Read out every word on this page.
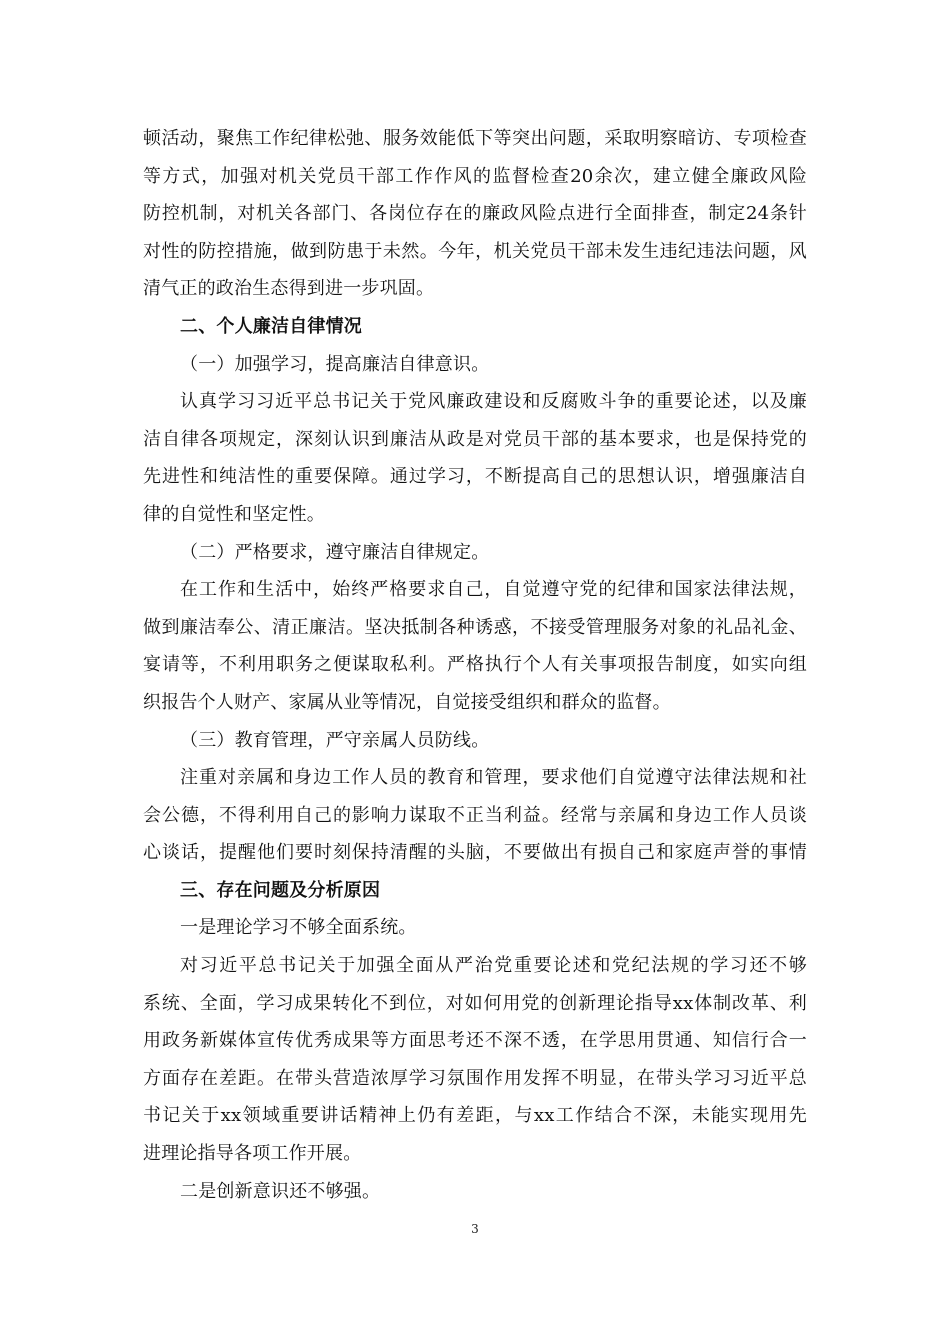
顿活动，聚焦工作纪律松弛、服务效能低下等突出问题，采取明察暗访、专项检查
等方式，加强对机关党员干部工作作风的监督检查20余次，建立健全廉政风险
防控机制，对机关各部门、各岗位存在的廉政风险点进行全面排查，制定24条针
对性的防控措施，做到防患于未然。今年，机关党员干部未发生违纪违法问题，风
清气正的政治生态得到进一步巩固。
二、个人廉洁自律情况
（一）加强学习，提高廉洁自律意识。
认真学习习近平总书记关于党风廉政建设和反腐败斗争的重要论述，以及廉
洁自律各项规定，深刻认识到廉洁从政是对党员干部的基本要求，也是保持党的
先进性和纯洁性的重要保障。通过学习，不断提高自己的思想认识，增强廉洁自
律的自觉性和坚定性。
（二）严格要求，遵守廉洁自律规定。
在工作和生活中，始终严格要求自己，自觉遵守党的纪律和国家法律法规，
做到廉洁奉公、清正廉洁。坚决抵制各种诱惑，不接受管理服务对象的礼品礼金、
宴请等，不利用职务之便谋取私利。严格执行个人有关事项报告制度，如实向组
织报告个人财产、家属从业等情况，自觉接受组织和群众的监督。
（三）教育管理，严守亲属人员防线。
注重对亲属和身边工作人员的教育和管理，要求他们自觉遵守法律法规和社
会公德，不得利用自己的影响力谋取不正当利益。经常与亲属和身边工作人员谈
心谈话，提醒他们要时刻保持清醒的头脑，不要做出有损自己和家庭声誉的事情
三、存在问题及分析原因
一是理论学习不够全面系统。
对习近平总书记关于加强全面从严治党重要论述和党纪法规的学习还不够
系统、全面，学习成果转化不到位，对如何用党的创新理论指导xx体制改革、利
用政务新媒体宣传优秀成果等方面思考还不深不透，在学思用贯通、知信行合一
方面存在差距。在带头营造浓厚学习氛围作用发挥不明显，在带头学习习近平总
书记关于xx领域重要讲话精神上仍有差距，与xx工作结合不深，未能实现用先
进理论指导各项工作开展。
二是创新意识还不够强。
3
